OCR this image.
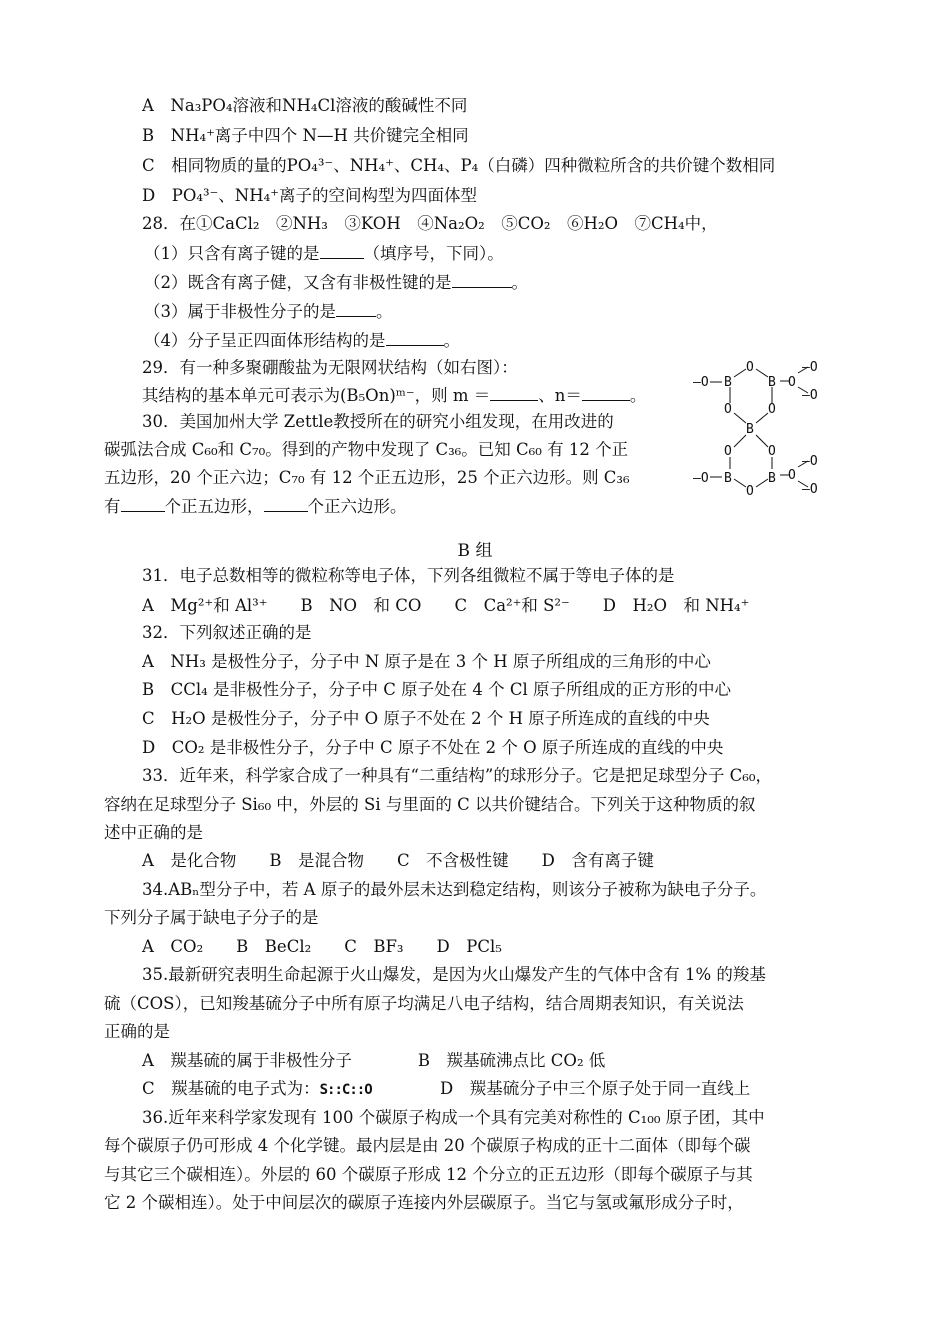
A　Na₃PO₄溶液和NH₄Cl溶液的酸碱性不同
B　NH₄⁺离子中四个 N—H 共价键完全相同
C　相同物质的量的PO₄³⁻、NH₄⁺、CH₄、P₄（白磷）四种微粒所含的共价键个数相同
D　PO₄³⁻、NH₄⁺离子的空间构型为四面体型
28．在①CaCl₂　②NH₃　③KOH　④Na₂O₂　⑤CO₂　⑥H₂O　⑦CH₄中，
（1）只含有离子键的是	（填序号，下同）。
（2）既含有离子健，又含有非极性键的是	。
（3）属于非极性分子的是 。
（4）分子呈正四面体形结构的是	。
29．有一种多聚硼酸盐为无限网状结构（如右图）：
其结构的基本单元可表示为(B₅On)ᵐ⁻，则 m ＝	、n＝	。
30．美国加州大学 Zettle教授所在的研究小组发现，在用改进的
碳弧法合成 C₆₀和 C₇₀。得到的产物中发现了 C₃₆。已知 C₆₀ 有 12 个正
五边形，20 个正六边；C₇₀ 有 12 个正五边形，25 个正六边形。则 C₃₆
有	个正五边形，	个正六边形。
—O
O
B	B O
—O
—O
O	O
B
O	O
—O B	B O
O
—O
—O
B 组
31．电子总数相等的微粒称等电子体，下列各组微粒不属于等电子体的是
A　Mg²⁺和 Al³⁺　　B　NO　和 CO　　C　Ca²⁺和 S²⁻　　D　H₂O　和 NH₄⁺
32．下列叙述正确的是
A　NH₃ 是极性分子，分子中 N 原子是在 3 个 H 原子所组成的三角形的中心
B　CCl₄ 是非极性分子，分子中 C 原子处在 4 个 Cl 原子所组成的正方形的中心
C　H₂O 是极性分子，分子中 O 原子不处在 2 个 H 原子所连成的直线的中央
D　CO₂ 是非极性分子，分子中 C 原子不处在 2 个 O 原子所连成的直线的中央
33．近年来，科学家合成了一种具有“二重结构”的球形分子。它是把足球型分子 C₆₀，
容纳在足球型分子 Si₆₀ 中，外层的 Si 与里面的 C 以共价键结合。下列关于这种物质的叙
述中正确的是
A　是化合物　　B　是混合物　　C　不含极性键　　D　含有离子键
34.ABₙ型分子中，若 A 原子的最外层未达到稳定结构，则该分子被称为缺电子分子。
下列分子属于缺电子分子的是
A　CO₂　　B　BeCl₂　　C　BF₃　　D　PCl₅
35.最新研究表明生命起源于火山爆发，是因为火山爆发产生的气体中含有 1% 的羧基
硫（COS），已知羧基硫分子中所有原子均满足八电子结构，结合周期表知识，有关说法
正确的是
A　羰基硫的属于非极性分子　　　　B　羰基硫沸点比 CO₂ 低
C　羰基硫的电子式为：S::C::O	D　羰基硫分子中三个原子处于同一直线上
36.近年来科学家发现有 100 个碳原子构成一个具有完美对称性的 C₁₀₀ 原子团，其中
每个碳原子仍可形成 4 个化学键。最内层是由 20 个碳原子构成的正十二面体（即每个碳
与其它三个碳相连）。外层的 60 个碳原子形成 12 个分立的正五边形（即每个碳原子与其
它 2 个碳相连）。处于中间层次的碳原子连接内外层碳原子。当它与氢或氟形成分子时，
